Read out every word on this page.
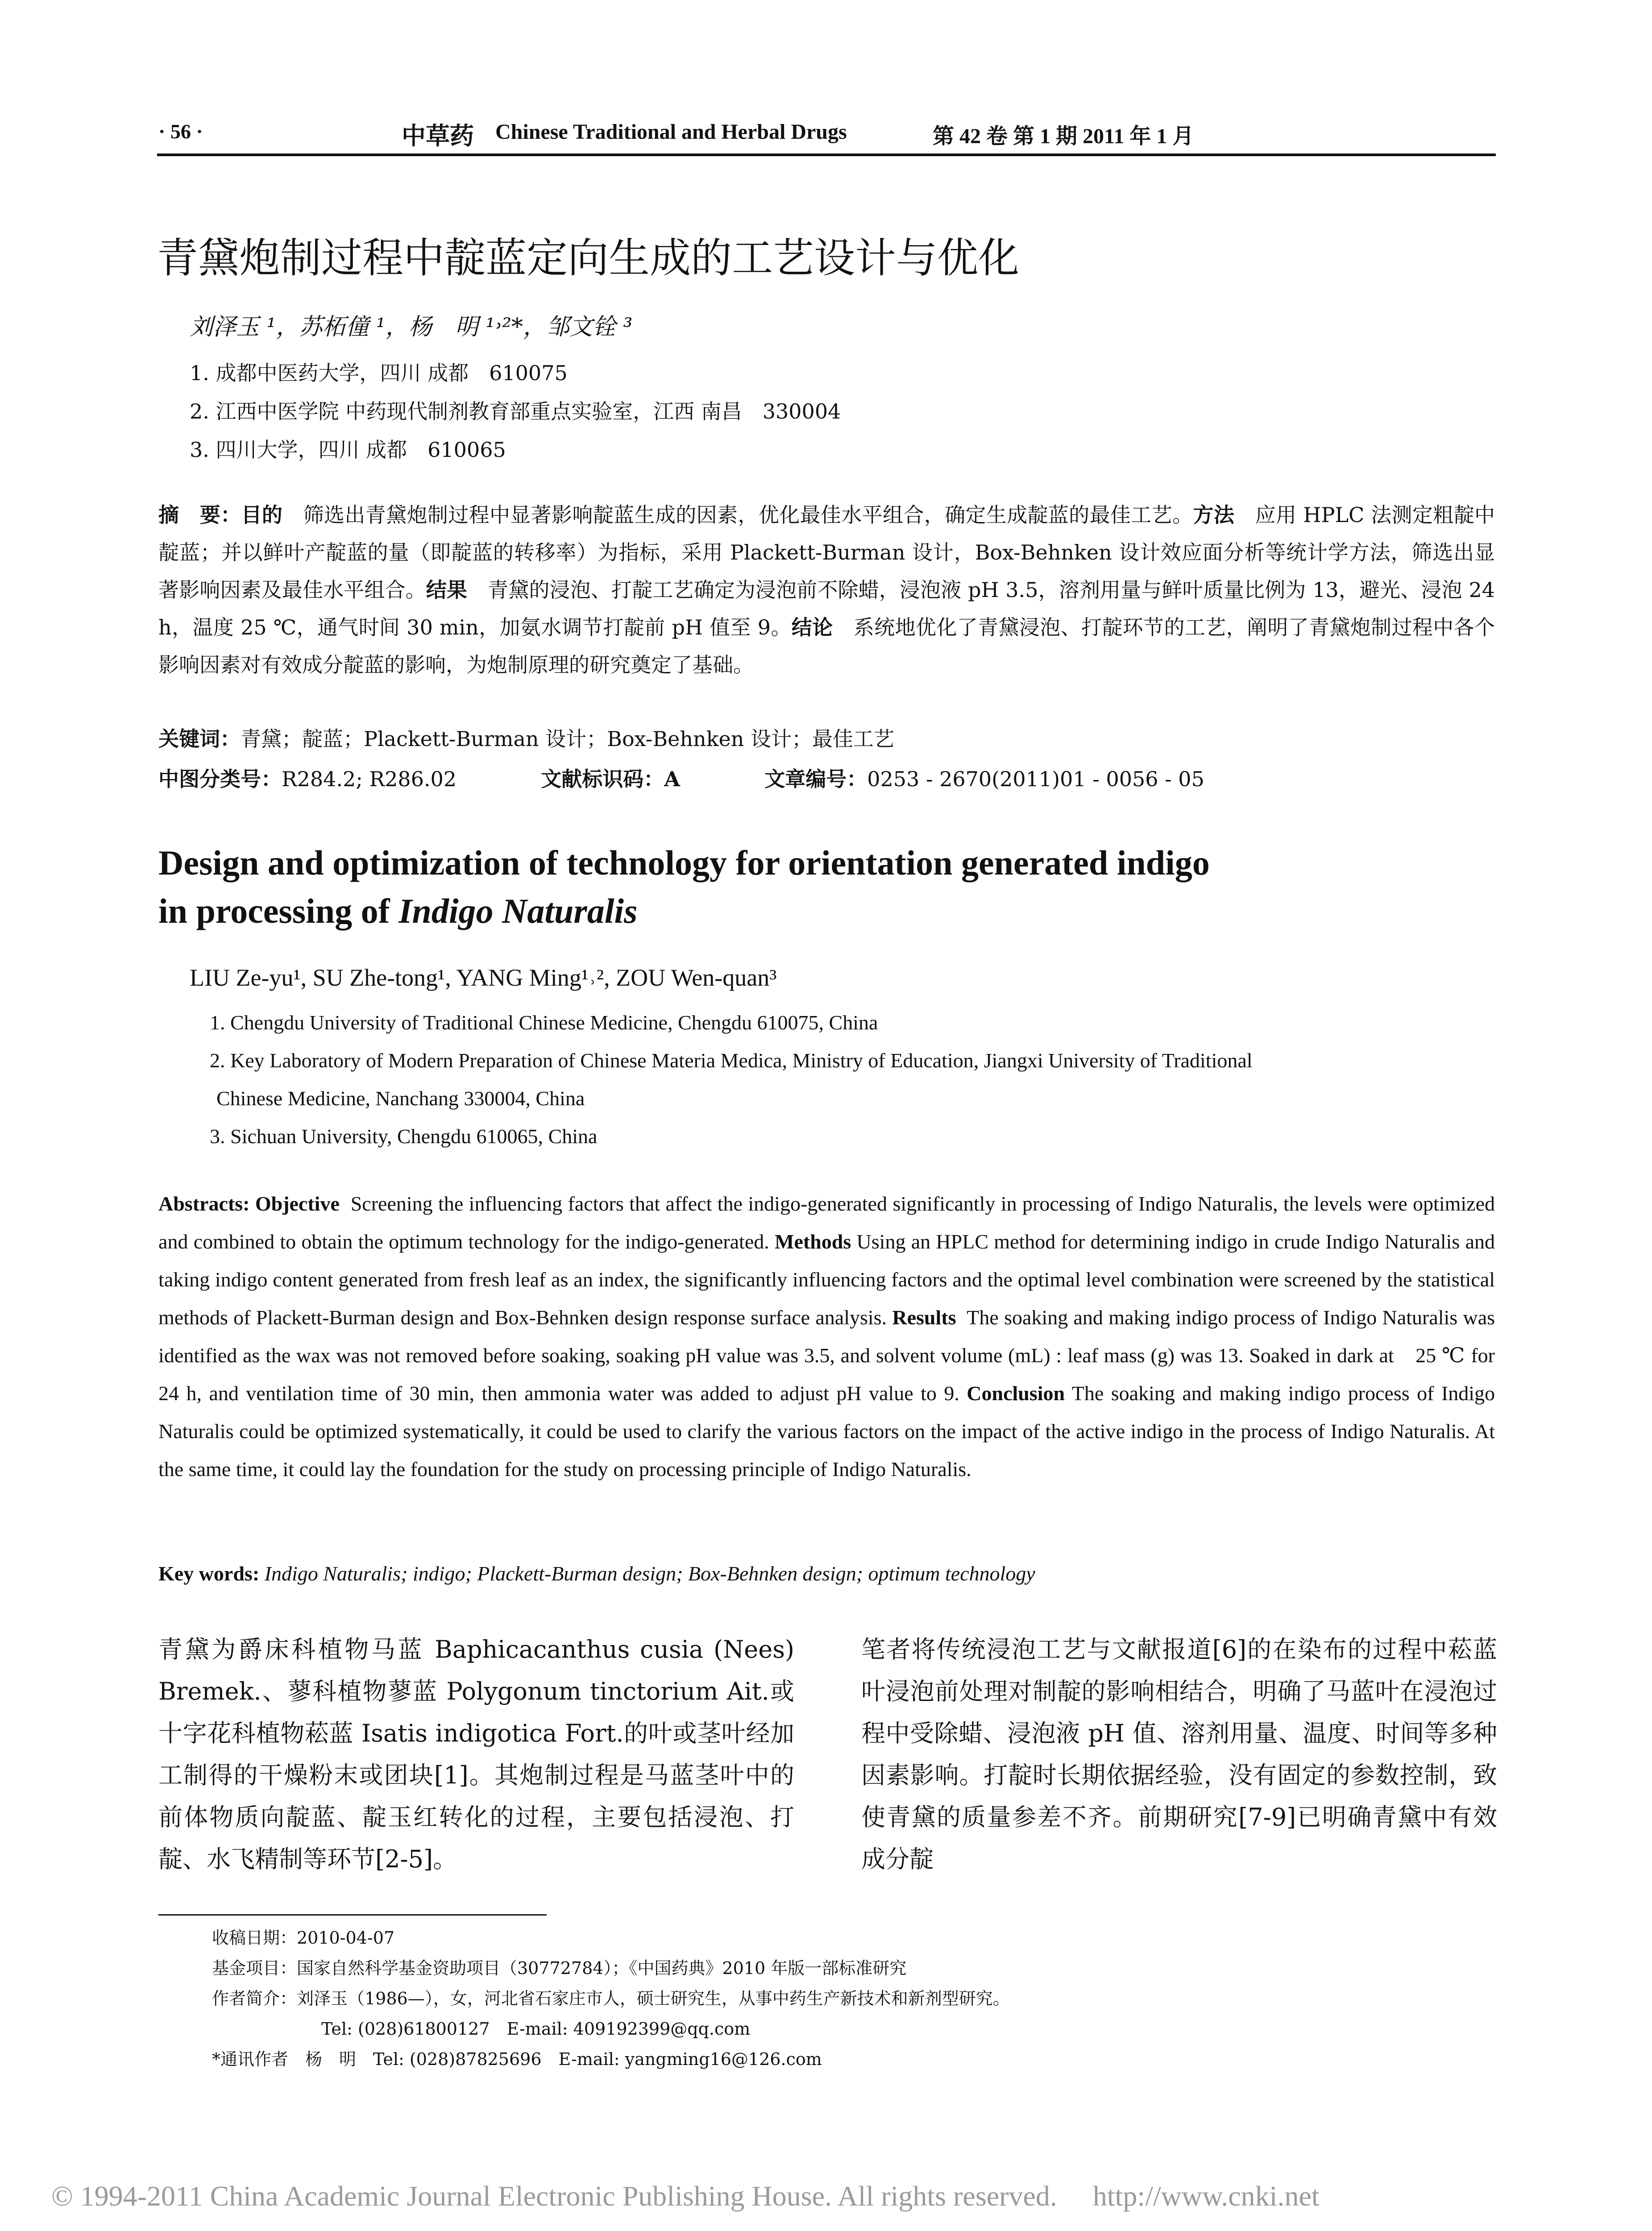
· 56 ·	中草药 Chinese Traditional and Herbal Drugs	第 42 卷 第 1 期 2011 年 1 月
青黛炮制过程中靛蓝定向生成的工艺设计与优化
刘泽玉 ¹，苏柘僮 ¹，杨　明 ¹˒²*，邹文铨 ³
1. 成都中医药大学，四川 成都　610075
2. 江西中医学院 中药现代制剂教育部重点实验室，江西 南昌　330004
3. 四川大学，四川 成都　610065
摘　要：目的　 筛选出青黛炮制过程中显著影响靛蓝生成的因素，优化最佳水平组合，确定生成靛蓝的最佳工艺。方法　 应用 HPLC 法测定粗靛中靛蓝；并以鲜叶产靛蓝的量（即靛蓝的转移率）为指标，采用 Plackett-Burman 设计，Box-Behnken 设计效应面分析等统计学方法，筛选出显著影响因素及最佳水平组合。结果　 青黛的浸泡、打靛工艺确定为浸泡前不除蜡，浸泡液 pH 3.5，溶剂用量与鲜叶质量比例为 13，避光、浸泡 24 h，温度 25 ℃，通气时间 30 min，加氨水调节打靛前 pH 值至 9。结论　 系统地优化了青黛浸泡、打靛环节的工艺，阐明了青黛炮制过程中各个影响因素对有效成分靛蓝的影响，为炮制原理的研究奠定了基础。
关键词：青黛；靛蓝；Plackett-Burman 设计；Box-Behnken 设计；最佳工艺
中图分类号：R284.2; R286.02	文献标识码：A	文章编号：0253 - 2670(2011)01 - 0056 - 05
Design and optimization of technology for orientation generated indigo
in processing of Indigo Naturalis
LIU Ze-yu¹, SU Zhe-tong¹, YANG Ming¹˒², ZOU Wen-quan³
1. Chengdu University of Traditional Chinese Medicine, Chengdu 610075, China
2. Key Laboratory of Modern Preparation of Chinese Materia Medica, Ministry of Education, Jiangxi University of Traditional
Chinese Medicine, Nanchang 330004, China
3. Sichuan University, Chengdu 610065, China
Abstracts: Objective Screening the influencing factors that affect the indigo-generated significantly in processing of Indigo Naturalis, the levels were optimized and combined to obtain the optimum technology for the indigo-generated. Methods Using an HPLC method for determining indigo in crude Indigo Naturalis and taking indigo content generated from fresh leaf as an index, the significantly influencing factors and the optimal level combination were screened by the statistical methods of Plackett-Burman design and Box-Behnken design response surface analysis. Results The soaking and making indigo process of Indigo Naturalis was identified as the wax was not removed before soaking, soaking pH value was 3.5, and solvent volume (mL) : leaf mass (g) was 13. Soaked in dark at　25 ℃ for 24 h, and ventilation time of 30 min, then ammonia water was added to adjust pH value to 9. Conclusion The soaking and making indigo process of Indigo Naturalis could be optimized systematically, it could be used to clarify the various factors on the impact of the active indigo in the process of Indigo Naturalis. At the same time, it could lay the foundation for the study on processing principle of Indigo Naturalis.
Key words: Indigo Naturalis; indigo; Plackett-Burman design; Box-Behnken design; optimum technology
青黛为爵床科植物马蓝 Baphicacanthus cusia (Nees) Bremek.、蓼科植物蓼蓝 Polygonum tinctorium Ait.或十字花科植物菘蓝 Isatis indigotica Fort.的叶或茎叶经加工制得的干燥粉末或团块[1]。其炮制过程是马蓝茎叶中的前体物质向靛蓝、靛玉红转化的过程，主要包括浸泡、打靛、水飞精制等环节[2-5]。
笔者将传统浸泡工艺与文献报道[6]的在染布的过程中菘蓝叶浸泡前处理对制靛的影响相结合，明确了马蓝叶在浸泡过程中受除蜡、浸泡液 pH 值、溶剂用量、温度、时间等多种因素影响。打靛时长期依据经验，没有固定的参数控制，致使青黛的质量参差不齐。前期研究[7-9]已明确青黛中有效成分靛
收稿日期：2010-04-07
基金项目：国家自然科学基金资助项目（30772784）；《中国药典》2010 年版一部标准研究
作者简介：刘泽玉（1986—），女，河北省石家庄市人，硕士研究生，从事中药生产新技术和新剂型研究。
Tel: (028)61800127　E-mail: 409192399@qq.com
*通讯作者　杨　明　Tel: (028)87825696　E-mail: yangming16@126.com
© 1994-2011 China Academic Journal Electronic Publishing House. All rights reserved.　 http://www.cnki.net
